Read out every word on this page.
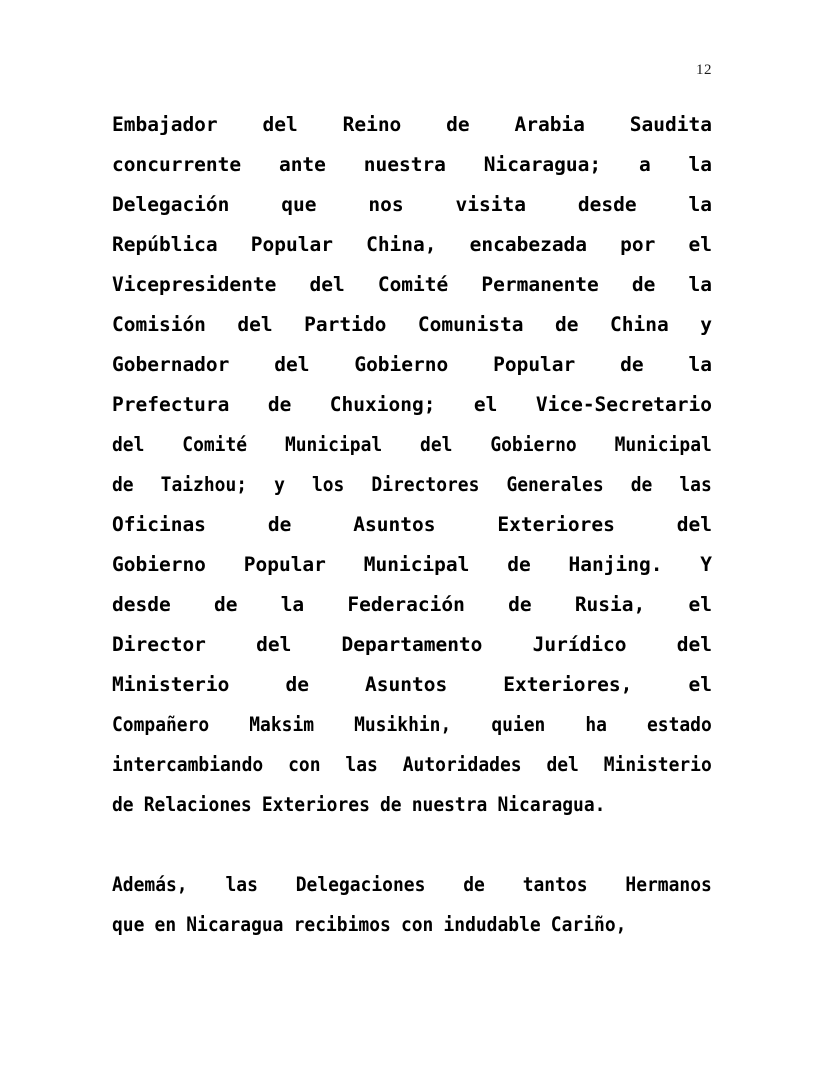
12
Embajador del Reino de Arabia Saudita
concurrente ante nuestra Nicaragua; a la
Delegación	que	nos	visita	desde	la
República Popular China, encabezada por el
Vicepresidente del Comité Permanente de la
Comisión del Partido Comunista de China y
Gobernador del Gobierno Popular de la
Prefectura de Chuxiong; el Vice-Secretario
del Comité Municipal del Gobierno Municipal
de Taizhou; y los Directores Generales de las
Oficinas	de	Asuntos	Exteriores	del
Gobierno Popular Municipal de Hanjing. Y
desde de la Federación de Rusia, el
Director	del	Departamento	Jurídico	del
Ministerio	de	Asuntos	Exteriores,	el
Compañero Maksim Musikhin, quien ha estado
intercambiando con las Autoridades del Ministerio
de Relaciones Exteriores de nuestra Nicaragua.
Además, las Delegaciones de tantos Hermanos
que en Nicaragua recibimos con indudable Cariño,
